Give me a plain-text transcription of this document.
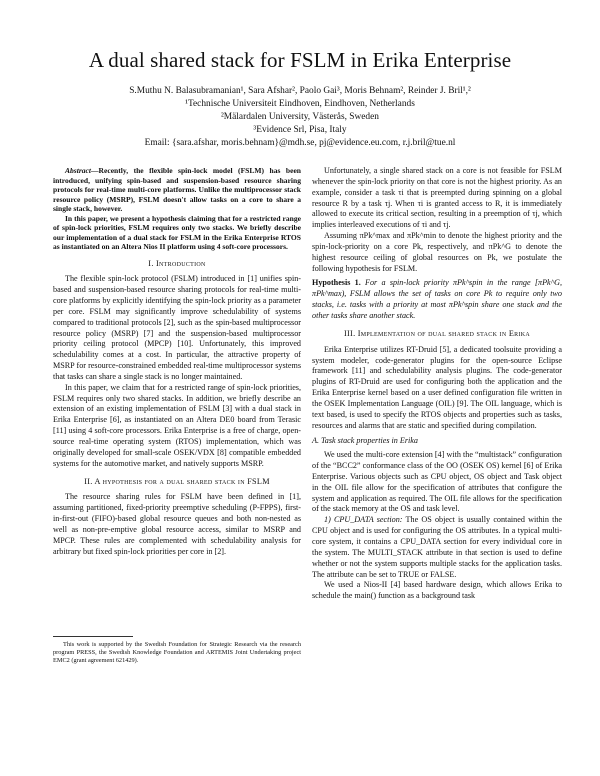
A dual shared stack for FSLM in Erika Enterprise
S.Muthu N. Balasubramanian¹, Sara Afshar², Paolo Gai³, Moris Behnam², Reinder J. Bril¹,²
¹Technische Universiteit Eindhoven, Eindhoven, Netherlands
²Mälardalen University, Västerås, Sweden
³Evidence Srl, Pisa, Italy
Email: {sara.afshar, moris.behnam}@mdh.se, pj@evidence.eu.com, r.j.bril@tue.nl

Abstract—Recently, the flexible spin-lock model (FSLM) has been introduced, unifying spin-based and suspension-based resource sharing protocols for real-time multi-core platforms. Unlike the multiprocessor stack resource policy (MSRP), FSLM doesn't allow tasks on a core to share a single stack, however.

In this paper, we present a hypothesis claiming that for a restricted range of spin-lock priorities, FSLM requires only two stacks. We briefly describe our implementation of a dual stack for FSLM in the Erika Enterprise RTOS as instantiated on an Altera Nios II platform using 4 soft-core processors.

I. Introduction

The flexible spin-lock protocol (FSLM) introduced in [1] unifies spin-based and suspension-based resource sharing protocols for real-time multi-core platforms by explicitly identifying the spin-lock priority as a parameter per core. FSLM may significantly improve schedulability of systems compared to traditional protocols [2], such as the spin-based multiprocessor resource policy (MSRP) [7] and the suspension-based multiprocessor priority ceiling protocol (MPCP) [10]. Unfortunately, this improved schedulability comes at a cost. In particular, the attractive property of MSRP for resource-constrained embedded real-time multiprocessor systems that tasks can share a single stack is no longer maintained.

In this paper, we claim that for a restricted range of spin-lock priorities, FSLM requires only two shared stacks. In addition, we briefly describe an extension of an existing implementation of FSLM [3] with a dual stack in Erika Enterprise [6], as instantiated on an Altera DE0 board from Terasic [11] using 4 soft-core processors. Erika Enterprise is a free of charge, open-source real-time operating system (RTOS) implementation, which was originally developed for small-scale OSEK/VDX [8] compatible embedded systems for the automotive market, and natively supports MSRP.

II. A hypothesis for a dual shared stack in FSLM

The resource sharing rules for FSLM have been defined in [1], assuming partitioned, fixed-priority preemptive scheduling (P-FPPS), first-in-first-out (FIFO)-based global resource queues and both non-nested as well as non-pre-emptive global resource access, similar to MSRP and MPCP. These rules are complemented with schedulability analysis for arbitrary but fixed spin-lock priorities per core in [2].

This work is supported by the Swedish Foundation for Strategic Research via the research program PRESS, the Swedish Knowledge Foundation and ARTEMIS Joint Undertaking project EMC2 (grant agreement 621429).

Unfortunately, a single shared stack on a core is not feasible for FSLM whenever the spin-lock priority on that core is not the highest priority. As an example, consider a task τi that is preempted during spinning on a global resource R by a task τj. When τi is granted access to R, it is immediately allowed to execute its critical section, resulting in a preemption of τj, which implies interleaved executions of τi and τj.

Assuming πPk^max and πPk^min to denote the highest priority and the spin-lock-priority on a core Pk, respectively, and πPk^G to denote the highest resource ceiling of global resources on Pk, we postulate the following hypothesis for FSLM.

Hypothesis 1. For a spin-lock priority πPk^spin in the range [πPk^G, πPk^max), FSLM allows the set of tasks on core Pk to require only two stacks, i.e. tasks with a priority at most πPk^spin share one stack and the other tasks share another stack.

III. Implementation of dual shared stack in Erika

Erika Enterprise utilizes RT-Druid [5], a dedicated toolsuite providing a system modeler, code-generator plugins for the open-source Eclipse framework [11] and schedulability analysis plugins. The code-generator plugins of RT-Druid are used for configuring both the application and the Erika Enterprise kernel based on a user defined configuration file written in the OSEK Implementation Language (OIL) [9]. The OIL language, which is text based, is used to specify the RTOS objects and properties such as tasks, resources and alarms that are static and specified during compilation.

A. Task stack properties in Erika

We used the multi-core extension [4] with the “multistack” configuration of the “BCC2” conformance class of the OO (OSEK OS) kernel [6] of Erika Enterprise. Various objects such as CPU object, OS object and Task object in the OIL file allow for the specification of attributes that configure the system and application as required. The OIL file allows for the specification of the stack memory at the OS and task level.

1) CPU_DATA section: The OS object is usually contained within the CPU object and is used for configuring the OS attributes. In a typical multi-core system, it contains a CPU_DATA section for every individual core in the system. The MULTI_STACK attribute in that section is used to define whether or not the system supports multiple stacks for the application tasks. The attribute can be set to TRUE or FALSE.

We used a Nios-II [4] based hardware design, which allows Erika to schedule the main() function as a background task
